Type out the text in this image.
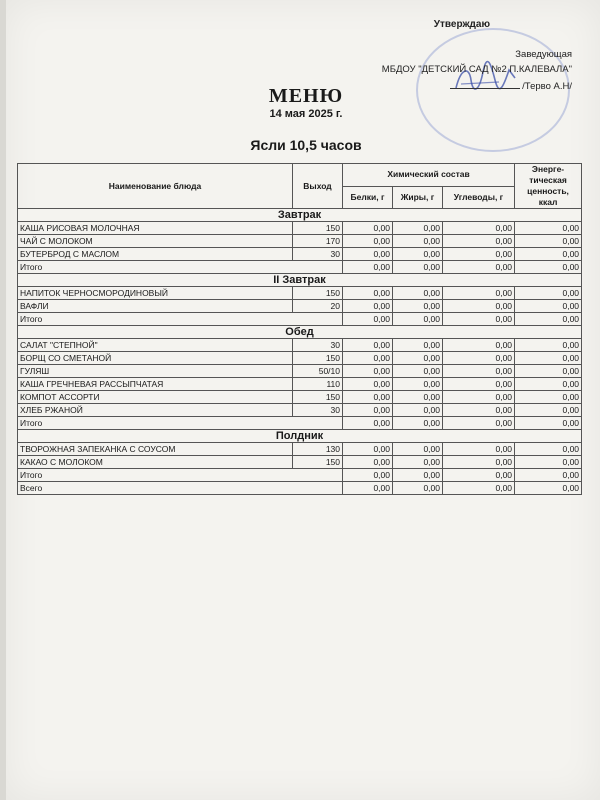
Утверждаю
Заведующая
МБДОУ "ДЕТСКИЙ САД №2 П.КАЛЕВАЛА"
/Терво А.Н/
МЕНЮ
14 мая 2025 г.
Ясли 10,5 часов
Наименование блюда	Выход	Химический состав			Энерге-тическая ценность, ккал
		Белки, г	Жиры, г	Углеводы, г	
Завтрак					
КАША РИСОВАЯ МОЛОЧНАЯ	150	0,00	0,00	0,00	0,00
ЧАЙ С МОЛОКОМ	170	0,00	0,00	0,00	0,00
БУТЕРБРОД С МАСЛОМ	30	0,00	0,00	0,00	0,00
Итого		0,00	0,00	0,00	0,00
II Завтрак					
НАПИТОК ЧЕРНОСМОРОДИНОВЫЙ	150	0,00	0,00	0,00	0,00
ВАФЛИ	20	0,00	0,00	0,00	0,00
Итого		0,00	0,00	0,00	0,00
Обед					
САЛАТ "СТЕПНОЙ"	30	0,00	0,00	0,00	0,00
БОРЩ СО СМЕТАНОЙ	150	0,00	0,00	0,00	0,00
ГУЛЯШ	50/10	0,00	0,00	0,00	0,00
КАША ГРЕЧНЕВАЯ РАССЫПЧАТАЯ	110	0,00	0,00	0,00	0,00
КОМПОТ АССОРТИ	150	0,00	0,00	0,00	0,00
ХЛЕБ РЖАНОЙ	30	0,00	0,00	0,00	0,00
Итого		0,00	0,00	0,00	0,00
Полдник					
ТВОРОЖНАЯ ЗАПЕКАНКА С СОУСОМ	130	0,00	0,00	0,00	0,00
КАКАО С МОЛОКОМ	150	0,00	0,00	0,00	0,00
Итого		0,00	0,00	0,00	0,00
Всего		0,00	0,00	0,00	0,00
